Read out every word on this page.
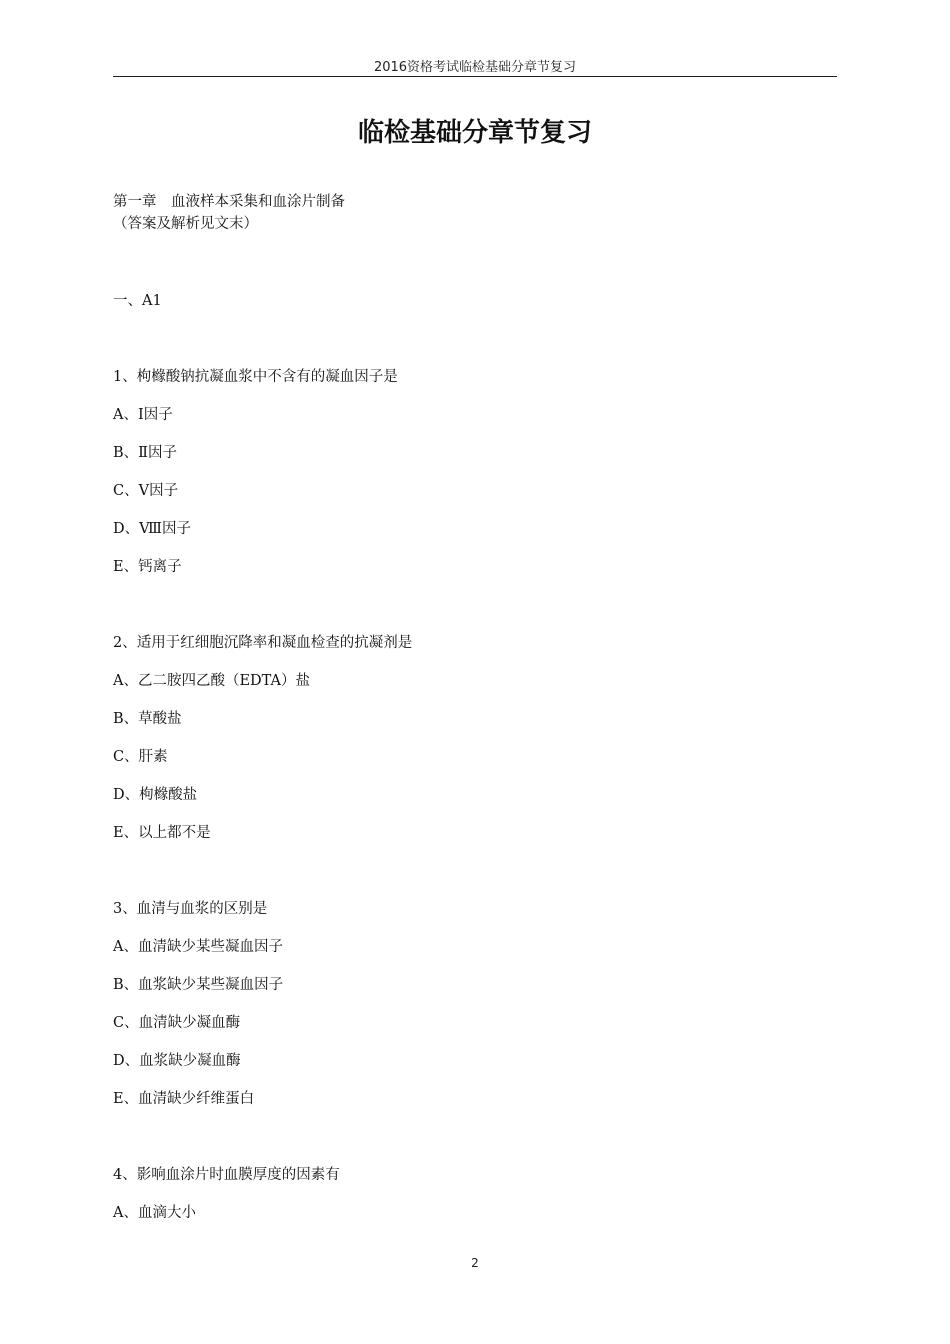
2016资格考试临检基础分章节复习
临检基础分章节复习
第一章　血液样本采集和血涂片制备
（答案及解析见文末）
一、A1
1、枸橼酸钠抗凝血浆中不含有的凝血因子是
A、Ⅰ因子
B、Ⅱ因子
C、Ⅴ因子
D、Ⅷ因子
E、钙离子
2、适用于红细胞沉降率和凝血检查的抗凝剂是
A、乙二胺四乙酸（EDTA）盐
B、草酸盐
C、肝素
D、枸橼酸盐
E、以上都不是
3、血清与血浆的区别是
A、血清缺少某些凝血因子
B、血浆缺少某些凝血因子
C、血清缺少凝血酶
D、血浆缺少凝血酶
E、血清缺少纤维蛋白
4、影响血涂片时血膜厚度的因素有
A、血滴大小
2
